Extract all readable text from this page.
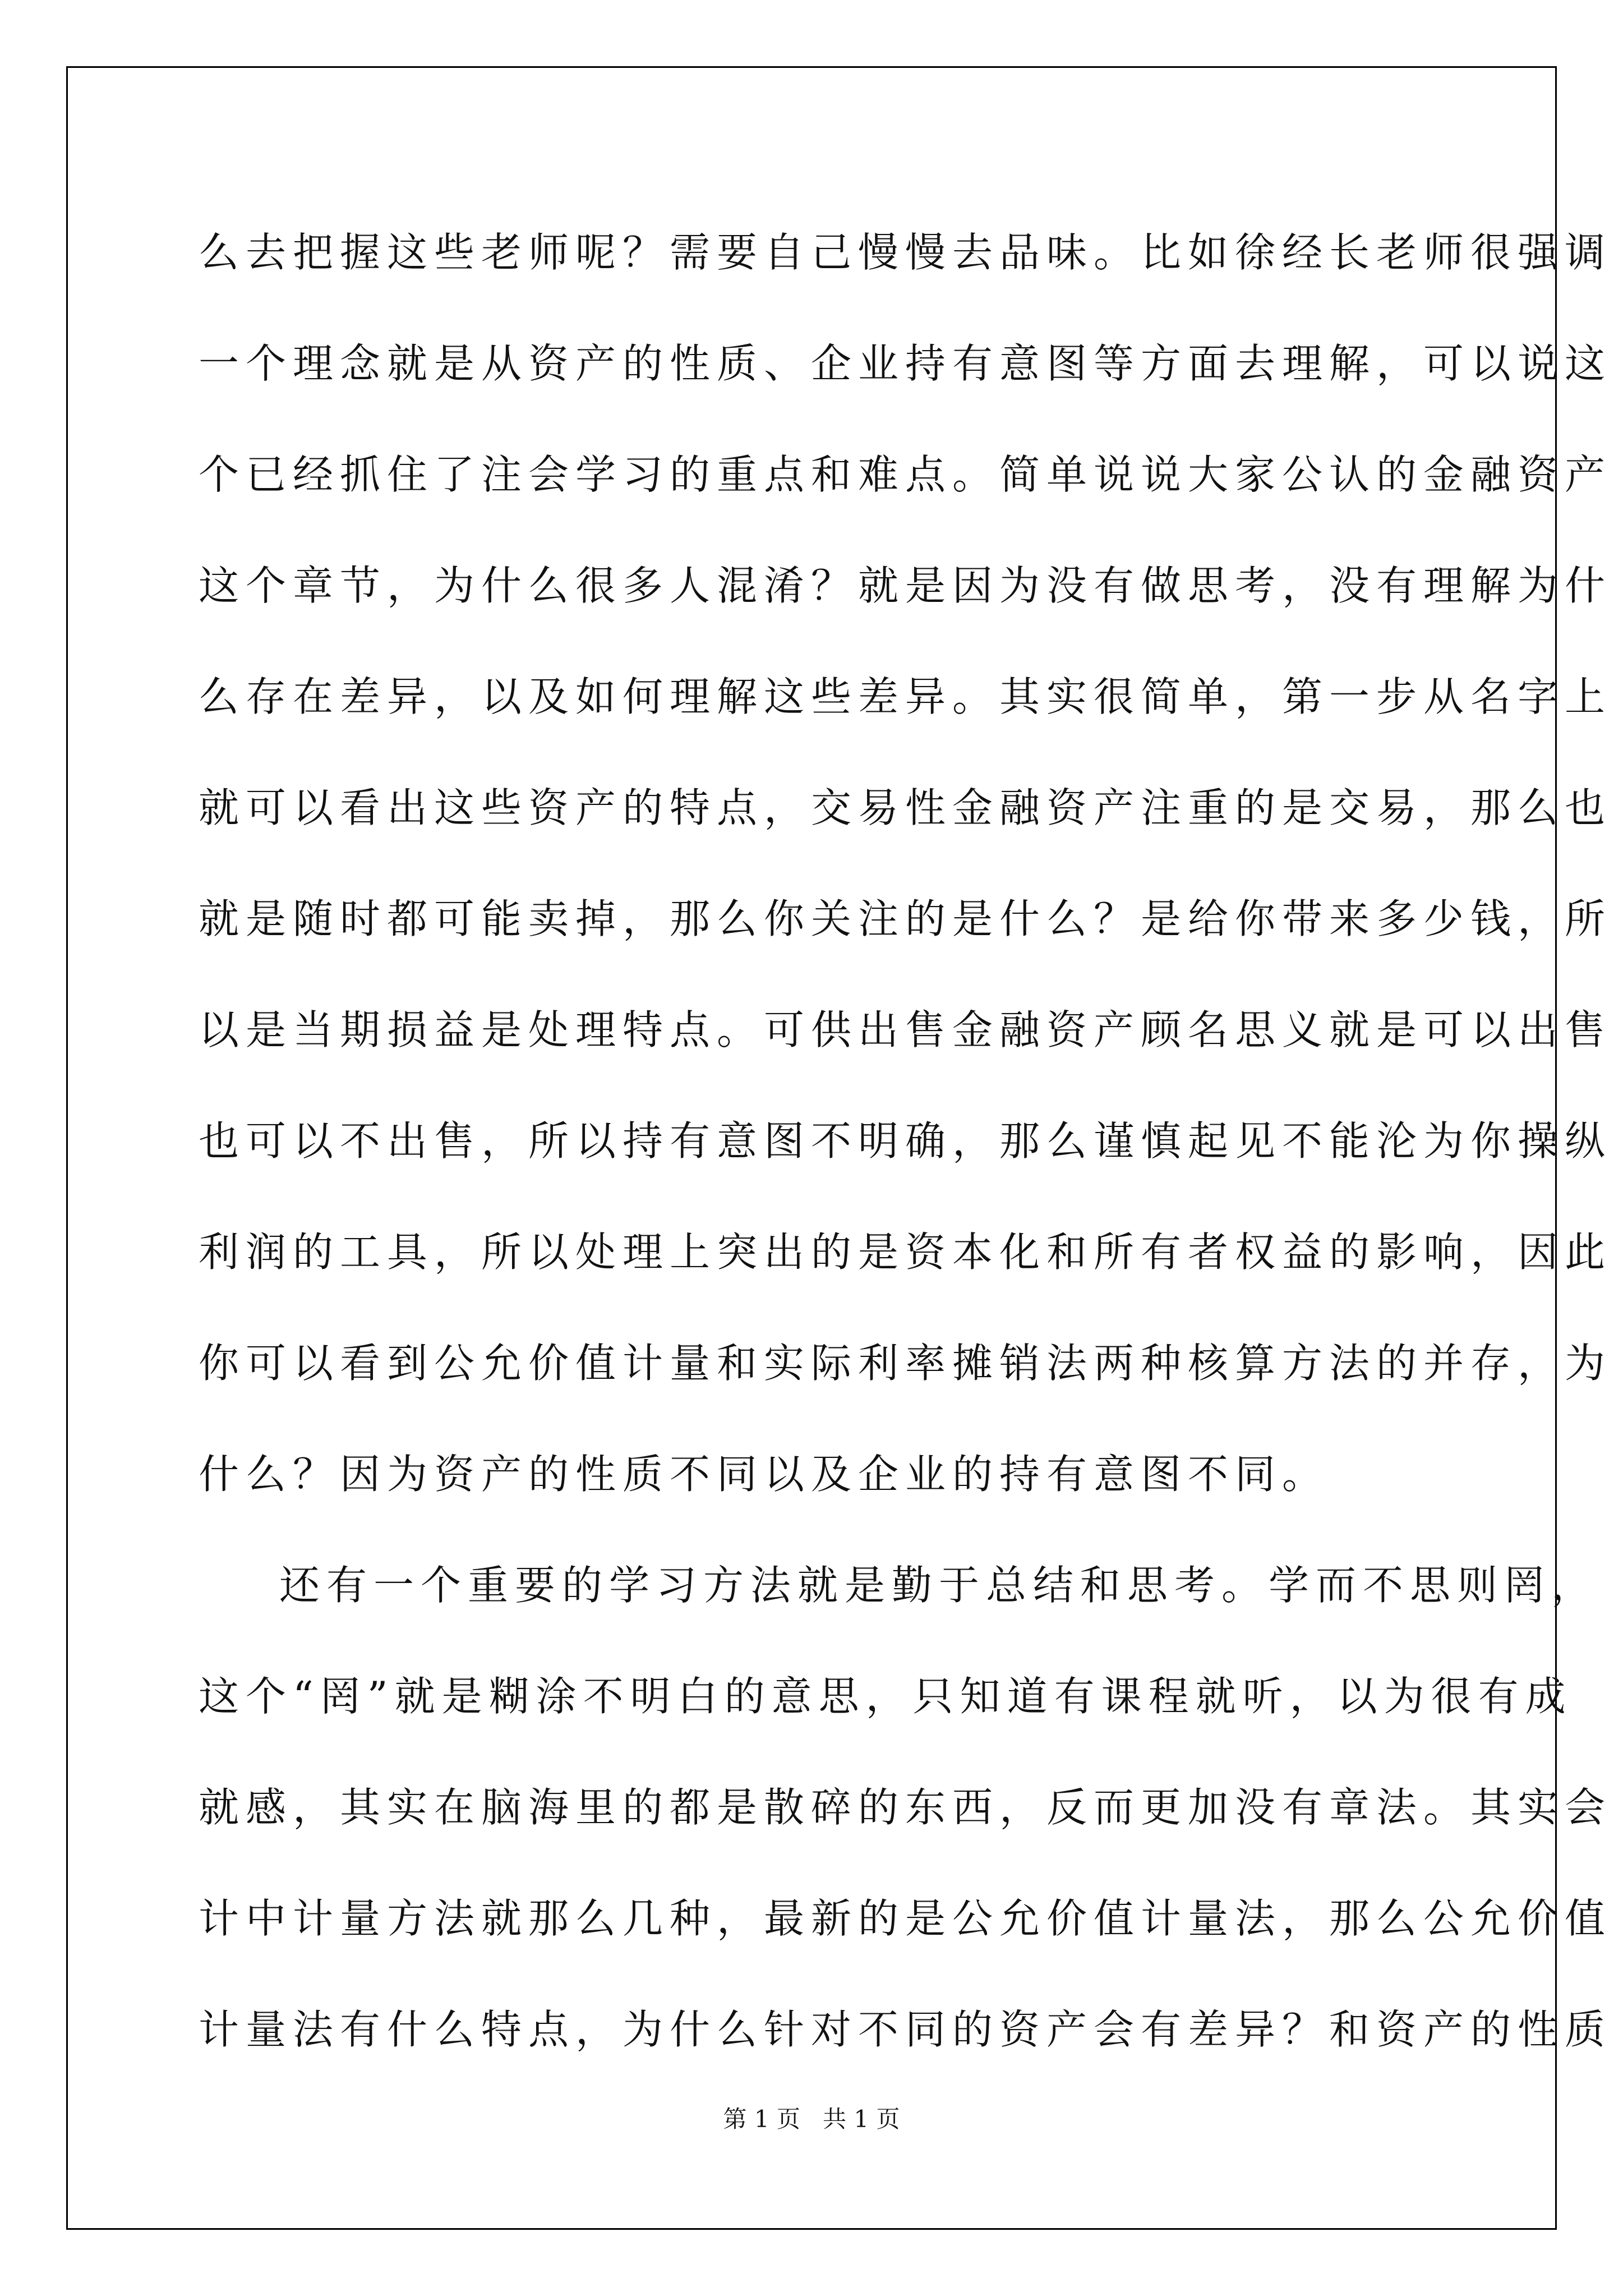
么去把握这些老师呢？需要自己慢慢去品味。比如徐经长老师很强调
一个理念就是从资产的性质、企业持有意图等方面去理解，可以说这
个已经抓住了注会学习的重点和难点。简单说说大家公认的金融资产
这个章节，为什么很多人混淆？就是因为没有做思考，没有理解为什
么存在差异，以及如何理解这些差异。其实很简单，第一步从名字上
就可以看出这些资产的特点，交易性金融资产注重的是交易，那么也
就是随时都可能卖掉，那么你关注的是什么？是给你带来多少钱，所
以是当期损益是处理特点。可供出售金融资产顾名思义就是可以出售
也可以不出售，所以持有意图不明确，那么谨慎起见不能沦为你操纵
利润的工具，所以处理上突出的是资本化和所有者权益的影响，因此
你可以看到公允价值计量和实际利率摊销法两种核算方法的并存，为
什么？因为资产的性质不同以及企业的持有意图不同。
还有一个重要的学习方法就是勤于总结和思考。学而不思则罔，
这个“罔”就是糊涂不明白的意思，只知道有课程就听，以为很有成
就感，其实在脑海里的都是散碎的东西，反而更加没有章法。其实会
计中计量方法就那么几种，最新的是公允价值计量法，那么公允价值
计量法有什么特点，为什么针对不同的资产会有差异？和资产的性质
第 1 页   共 1 页
